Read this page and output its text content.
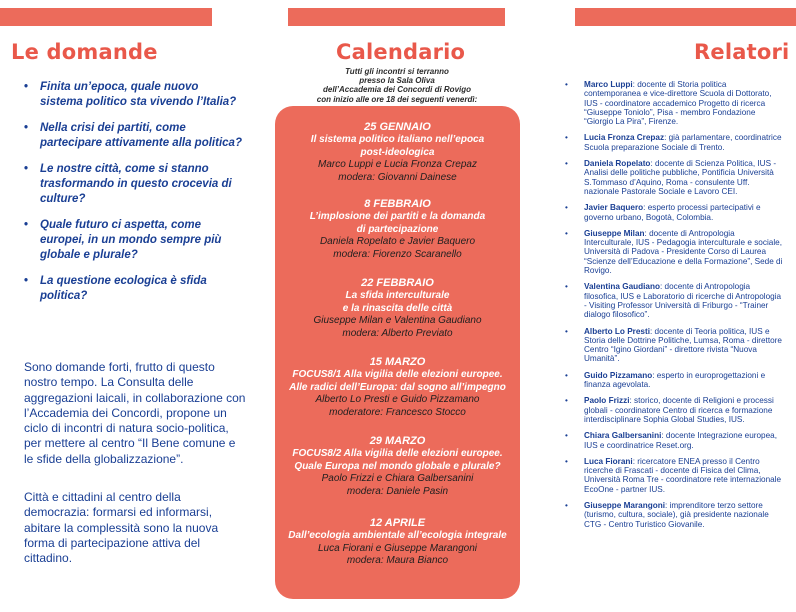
Le domande
• Finita un’epoca, quale nuovo sistema politico sta vivendo l’Italia?
• Nella crisi dei partiti, come partecipare attivamente alla politica?
• Le nostre città, come si stanno trasformando in questo crocevia di culture?
• Quale futuro ci aspetta, come europei, in un mondo sempre più globale e plurale?
• La questione ecologica è sfida politica?

Sono domande forti, frutto di questo nostro tempo. La Consulta delle aggregazioni laicali, in collaborazione con l’Accademia dei Concordi, propone un ciclo di incontri di natura socio-politica, per mettere al centro “Il Bene comune e le sfide della globalizzazione”.

Città e cittadini al centro della democrazia: formarsi ed informarsi, abitare la complessità sono la nuova forma di partecipazione attiva del cittadino.

Calendario
Tutti gli incontri si terranno
presso la Sala Oliva
dell’Accademia dei Concordi di Rovigo
con inizio alle ore 18 dei seguenti venerdì:
25 GENNAIO
Il sistema politico italiano nell’epoca
post-ideologica
Marco Luppi e Lucia Fronza Crepaz
modera: Giovanni Dainese
8 FEBBRAIO
L’implosione dei partiti e la domanda
di partecipazione
Daniela Ropelato e Javier Baquero
modera: Fiorenzo Scaranello
22 FEBBRAIO
La sfida interculturale
e la rinascita delle città
Giuseppe Milan e Valentina Gaudiano
modera: Alberto Previato
15 MARZO
FOCUS8/1 Alla vigilia delle elezioni europee.
Alle radici dell’Europa: dal sogno all’impegno
Alberto Lo Presti e Guido Pizzamano
moderatore: Francesco Stocco
29 MARZO
FOCUS8/2 Alla vigilia delle elezioni europee.
Quale Europa nel mondo globale e plurale?
Paolo Frizzi e Chiara Galbersanini
modera: Daniele Pasin
12 APRILE
Dall’ecologia ambientale all’ecologia integrale
Luca Fiorani e Giuseppe Marangoni
modera: Maura Bianco
Relatori
• Marco Luppi: docente di Storia politica contemporanea e vice-direttore Scuola di Dottorato, IUS - coordinatore accademico Progetto di ricerca “Giuseppe Toniolo”, Pisa - membro Fondazione “Giorgio La Pira”, Firenze.
• Lucia Fronza Crepaz: già parlamentare, coordinatrice Scuola preparazione Sociale di Trento.
• Daniela Ropelato: docente di Scienza Politica, IUS - Analisi delle politiche pubbliche, Pontificia Università S.Tommaso d’Aquino, Roma - consulente Uff. nazionale Pastorale Sociale e Lavoro CEI.
• Javier Baquero: esperto processi partecipativi e governo urbano, Bogotà, Colombia.
• Giuseppe Milan: docente di Antropologia Interculturale, IUS - Pedagogia interculturale e sociale, Università di Padova - Presidente Corso di Laurea “Scienze dell’Educazione e della Formazione”, Sede di Rovigo.
• Valentina Gaudiano: docente di Antropologia filosofica, IUS e Laboratorio di ricerche di Antropologia - Visiting Professor Università di Friburgo - “Trainer dialogo filosofico”.
• Alberto Lo Presti: docente di Teoria politica, IUS e Storia delle Dottrine Politiche, Lumsa, Roma - direttore Centro “Igino Giordani” - direttore rivista “Nuova Umanità”.
• Guido Pizzamano: esperto in europrogettazioni e finanza agevolata.
• Paolo Frizzi: storico, docente di Religioni e processi globali - coordinatore Centro di ricerca e formazione interdisciplinare Sophia Global Studies, IUS.
• Chiara Galbersanini: docente Integrazione europea, IUS e coordinatrice Reset.org.
• Luca Fiorani: ricercatore ENEA presso il Centro ricerche di Frascati - docente di Fisica del Clima, Università Roma Tre - coordinatore rete internazionale EcoOne - partner IUS.
• Giuseppe Marangoni: imprenditore terzo settore (turismo, cultura, sociale), già presidente nazionale CTG - Centro Turistico Giovanile.
